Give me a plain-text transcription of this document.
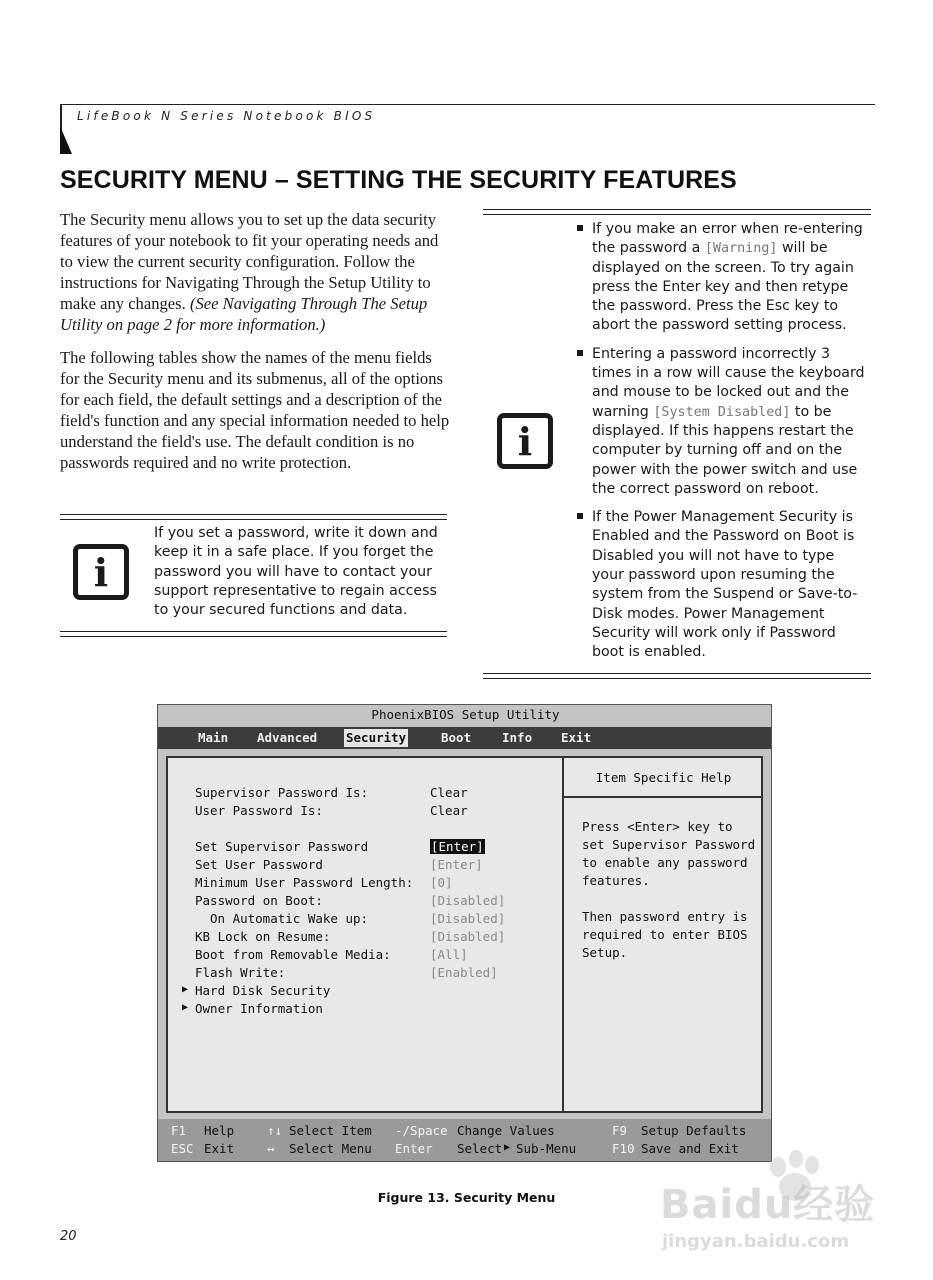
LifeBook N Series Notebook BIOS
SECURITY MENU – SETTING THE SECURITY FEATURES
The Security menu allows you to set up the data security features of your notebook to fit your operating needs and to view the current security configuration. Follow the instructions for Navigating Through the Setup Utility to make any changes. (See Navigating Through The Setup Utility on page 2 for more information.)
The following tables show the names of the menu fields for the Security menu and its submenus, all of the options for each field, the default settings and a description of the field's function and any special information needed to help understand the field's use. The default condition is no passwords required and no write protection.
i
If you set a password, write it down and keep it in a safe place. If you forget the password you will have to contact your support representative to regain access to your secured functions and data.
i
If you make an error when re-entering the password a [Warning] will be displayed on the screen. To try again press the Enter key and then retype the password. Press the Esc key to abort the password setting process.
Entering a password incorrectly 3 times in a row will cause the keyboard and mouse to be locked out and the warning [System Disabled] to be displayed. If this happens restart the computer by turning off and on the power with the power switch and use the correct password on reboot.
If the Power Management Security is Enabled and the Password on Boot is Disabled you will not have to type your password upon resuming the system from the Suspend or Save-to-Disk modes. Power Management Security will work only if Password boot is enabled.
PhoenixBIOS Setup Utility
Main Advanced Security	Boot Info Exit
Item Specific Help
Press <Enter> key to
set Supervisor Password
to enable any password
features.

Then password entry is
required to enter BIOS
Setup.
Supervisor Password Is:	Clear
User Password Is:	Clear
Set Supervisor Password	[Enter]
Set User Password	[Enter]
Minimum User Password Length: [0]
Password on Boot:	[Disabled]
On Automatic Wake up:	[Disabled]
KB Lock on Resume:	[Disabled]
Boot from Removable Media:	[All]
Flash Write:	[Enabled]
▶ Hard Disk Security
▶ Owner Information
F1 Help	↑↓ Select Item -/Space Change Values	F9 Setup Defaults
ESC Exit	↔ Select Menu Enter Select ▶ Sub-Menu	F10 Save and Exit
Figure 13. Security Menu
20
Baidu经验
jingyan.baidu.com
